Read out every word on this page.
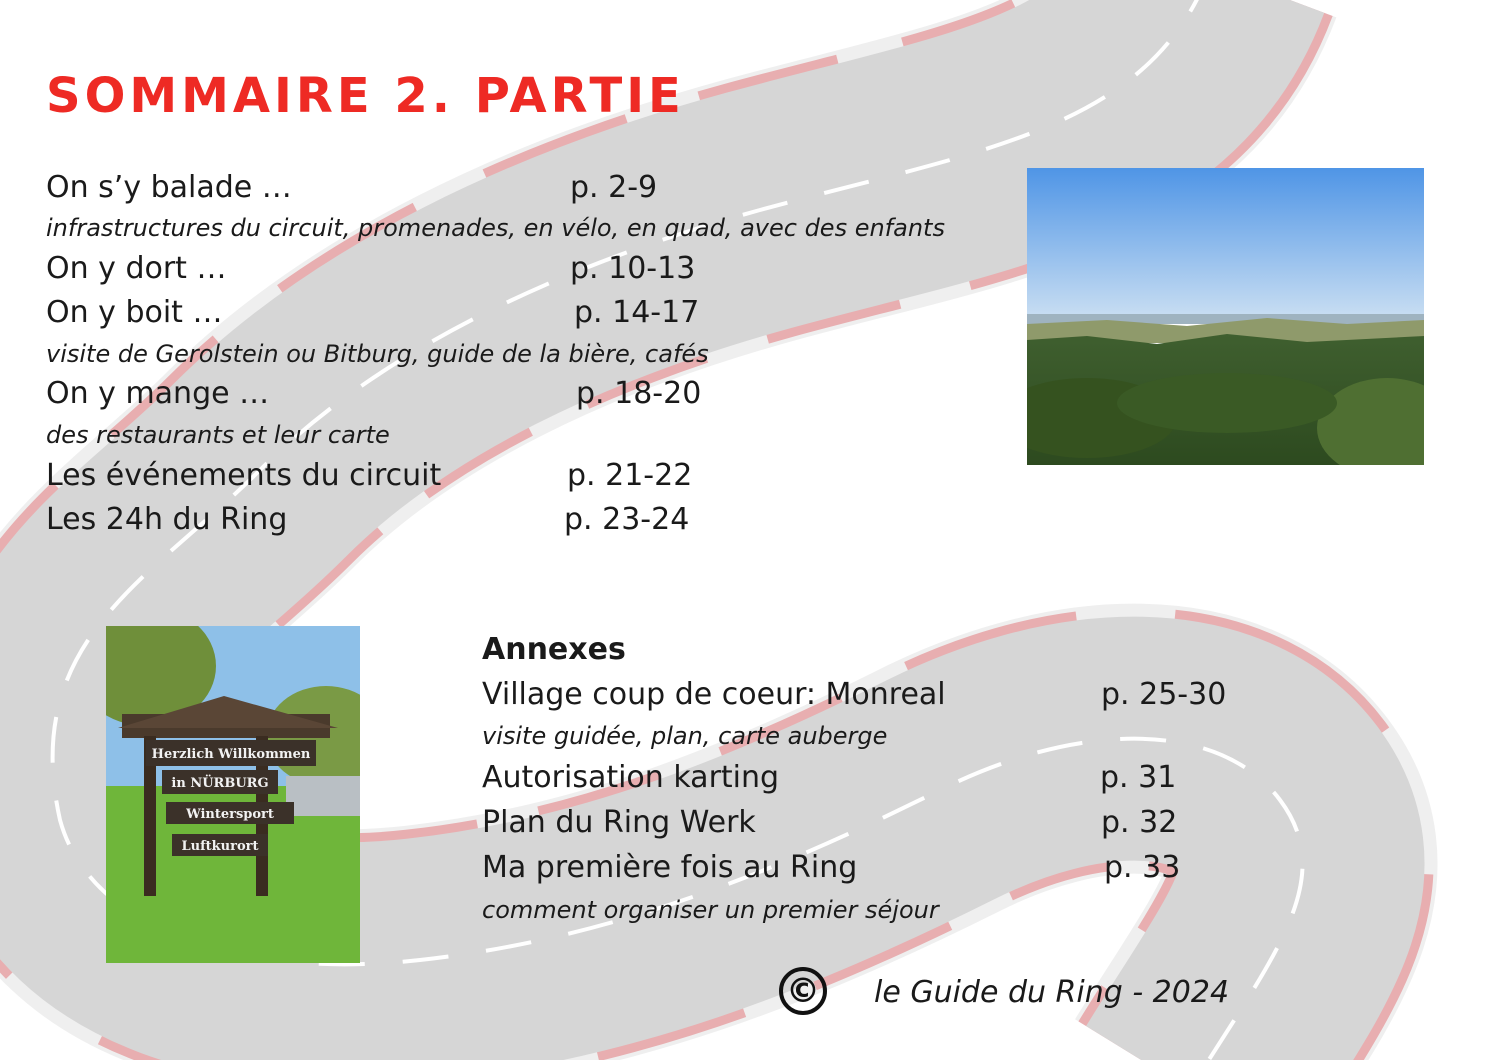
SOMMAIRE 2. PARTIE
On s’y balade …	p. 2-9
infrastructures du circuit, promenades, en vélo, en quad, avec des enfants
On y dort …	p. 10-13
On y boit …	p. 14-17
visite de Gerolstein ou Bitburg, guide de la bière, cafés
On y mange …	p. 18-20
des restaurants et leur carte
Les événements du circuit	p. 21-22
Les 24h du Ring	p. 23-24
Herzlich Willkommen
in NÜRBURG
Wintersport
Luftkurort
Annexes
Village coup de coeur: Monreal	p. 25-30
visite guidée, plan, carte auberge
Autorisation karting	p. 31
Plan du Ring Werk	p. 32
Ma première fois au Ring	p. 33
comment organiser un premier séjour
© le Guide du Ring - 2024
